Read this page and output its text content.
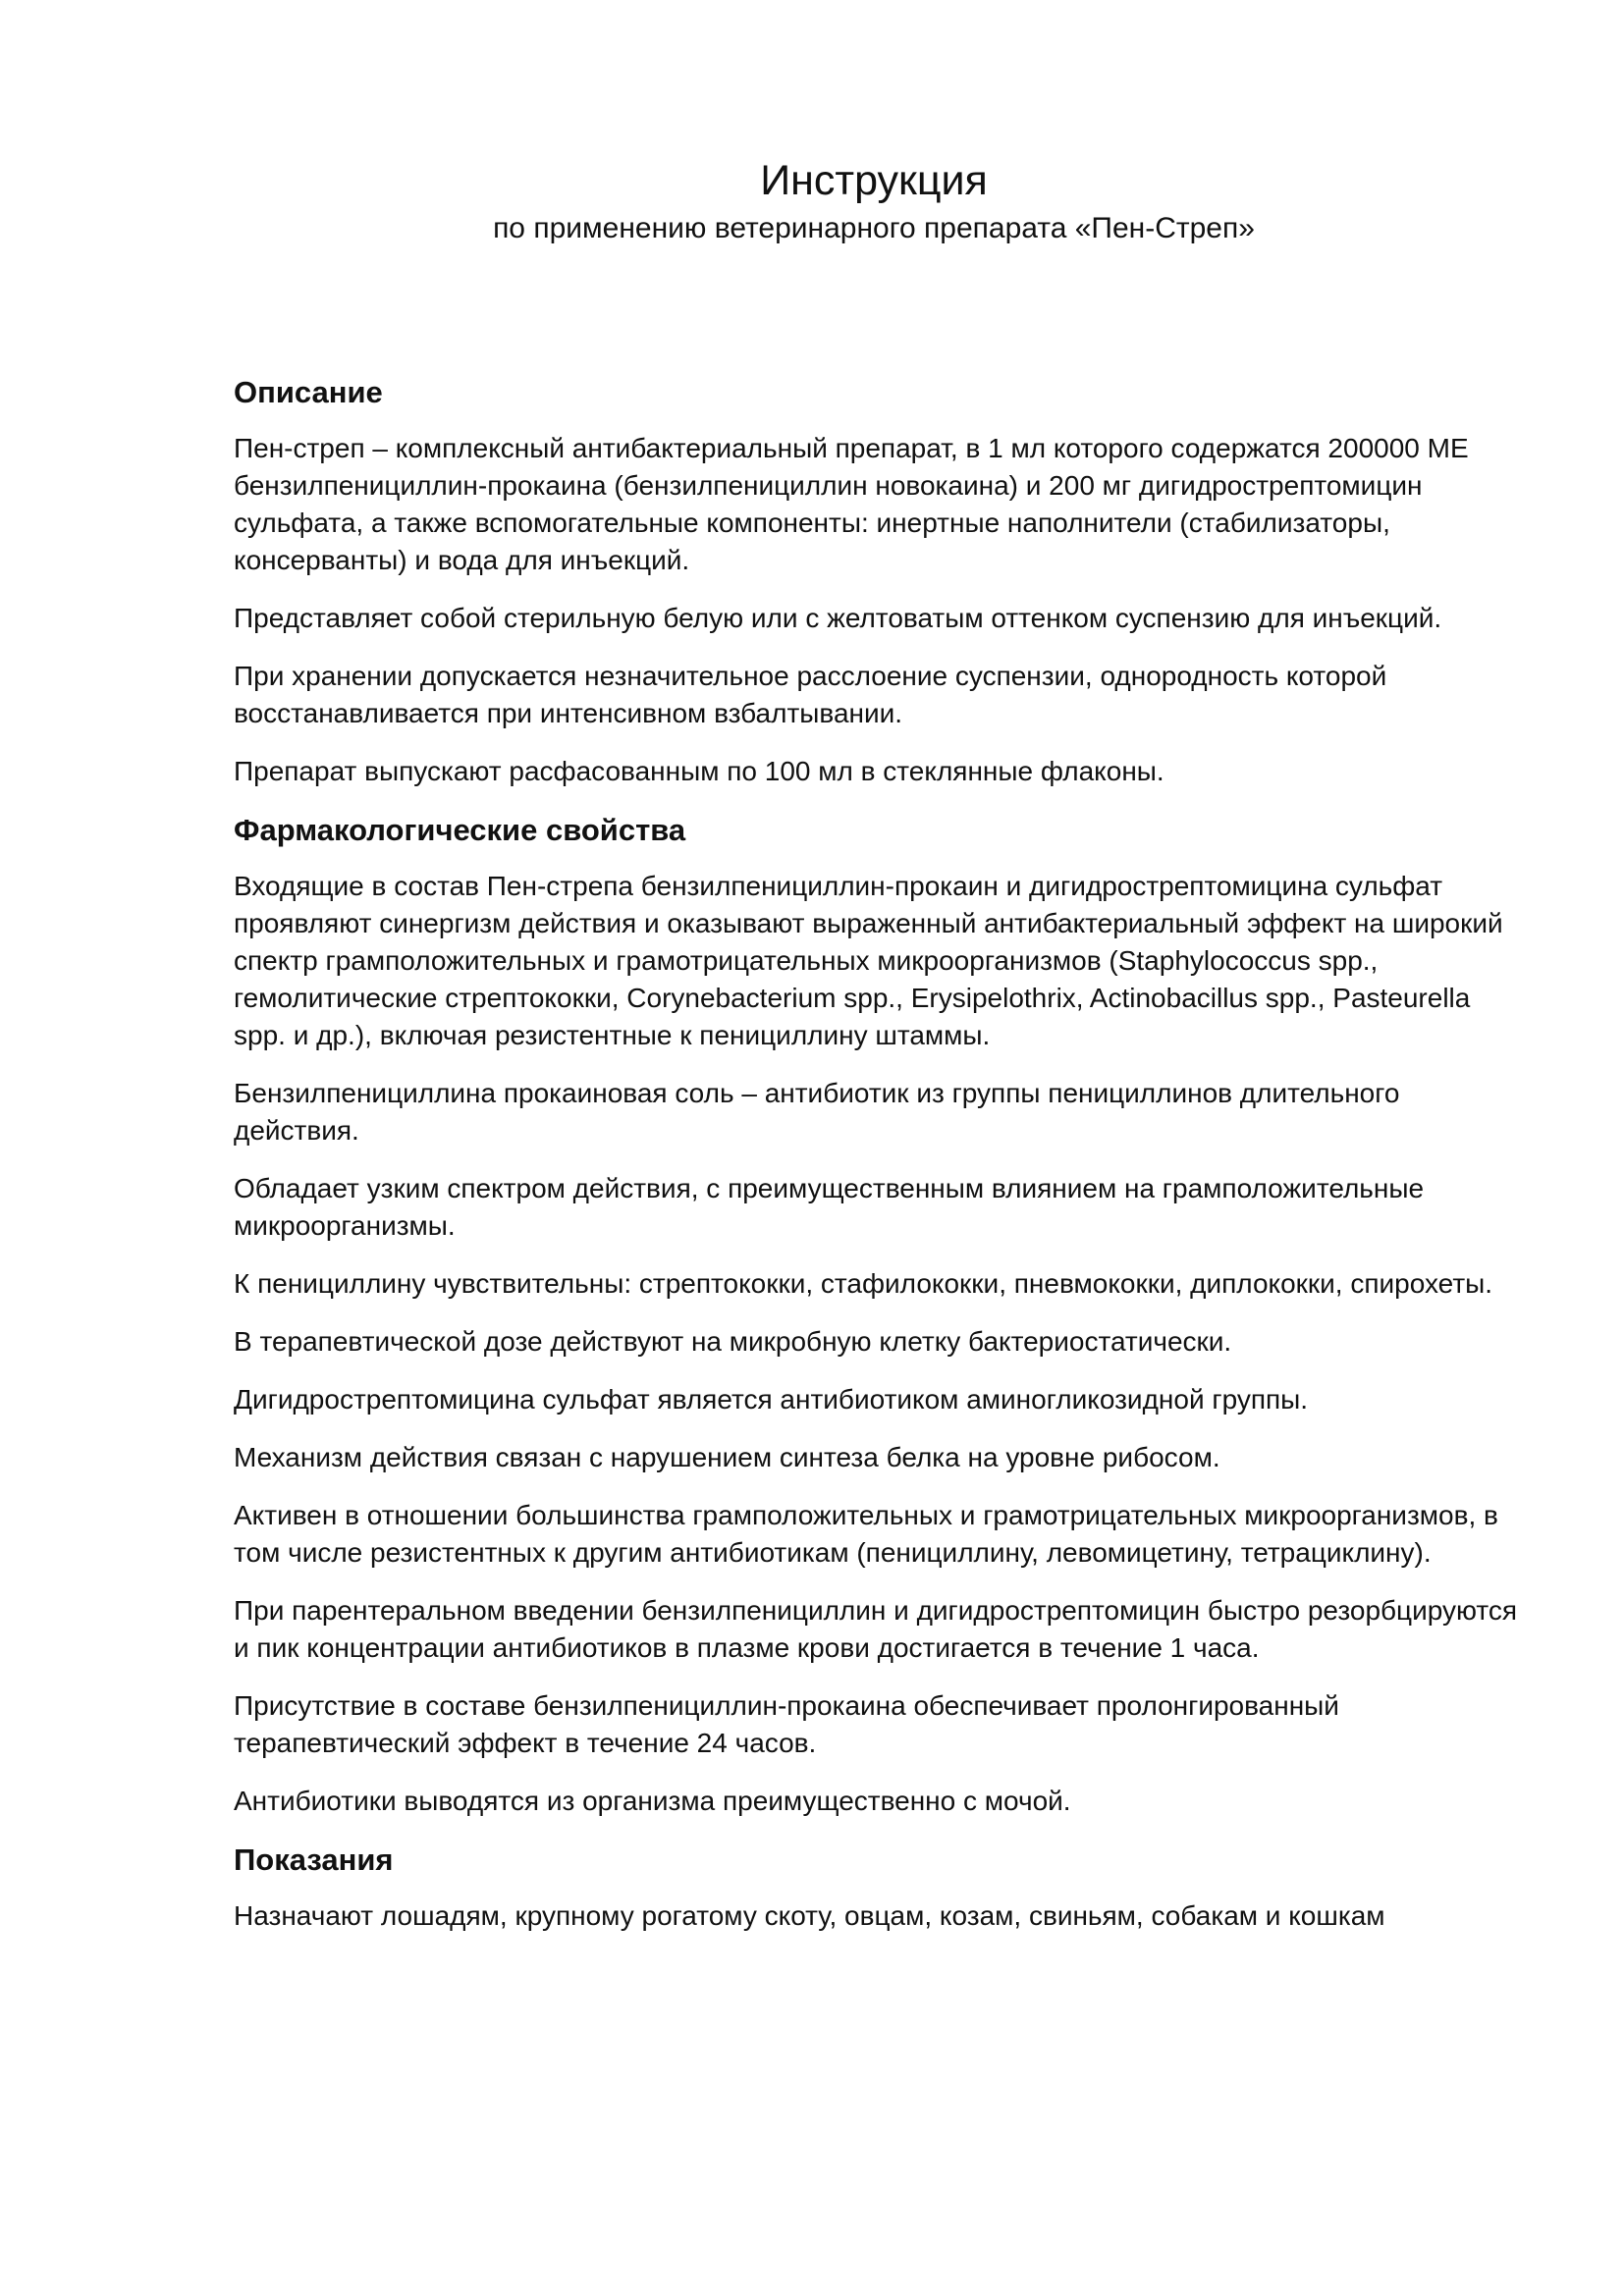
Инструкция
по применению ветеринарного препарата «Пен-Стреп»
Описание

Пен-стреп – комплексный антибактериальный препарат, в 1 мл которого содержатся 200000 МЕ бензилпенициллин-прокаина (бензилпенициллин новокаина) и 200 мг дигидрострептомицин сульфата, а также вспомогательные компоненты: инертные наполнители (стабилизаторы, консерванты) и вода для инъекций.

Представляет собой стерильную белую или с желтоватым оттенком суспензию для инъекций.

При хранении допускается незначительное расслоение суспензии, однородность которой восстанавливается при интенсивном взбалтывании.

Препарат выпускают расфасованным по 100 мл в стеклянные флаконы.

Фармакологические свойства

Входящие в состав Пен-стрепа бензилпенициллин-прокаин и дигидрострептомицина сульфат проявляют синергизм действия и оказывают выраженный антибактериальный эффект на широкий спектр грамположительных и грамотрицательных микроорганизмов (Staphylococcus spp., гемолитические стрептококки, Corynebacterium spp., Erysipelothrix, Actinobacillus spp., Pasteurella spp. и др.), включая резистентные к пенициллину штаммы.

Бензилпенициллина прокаиновая соль – антибиотик из группы пенициллинов длительного действия.

Обладает узким спектром действия, с преимущественным влиянием на грамположительные микроорганизмы.

К пенициллину чувствительны: стрептококки, стафилококки, пневмококки, диплококки, спирохеты.

В терапевтической дозе действуют на микробную клетку бактериостатически.

Дигидрострептомицина сульфат является антибиотиком аминогликозидной группы.

Механизм действия связан с нарушением синтеза белка на уровне рибосом.

Активен в отношении большинства грамположительных и грамотрицательных микроорганизмов, в том числе резистентных к другим антибиотикам (пенициллину, левомицетину, тетрациклину).

При парентеральном введении бензилпенициллин и дигидрострептомицин быстро резорбцируются и пик концентрации антибиотиков в плазме крови достигается в течение 1 часа.

Присутствие в составе бензилпенициллин-прокаина обеспечивает пролонгированный терапевтический эффект в течение 24 часов.

Антибиотики выводятся из организма преимущественно с мочой.

Показания

Назначают лошадям, крупному рогатому скоту, овцам, козам, свиньям, собакам и кошкам
